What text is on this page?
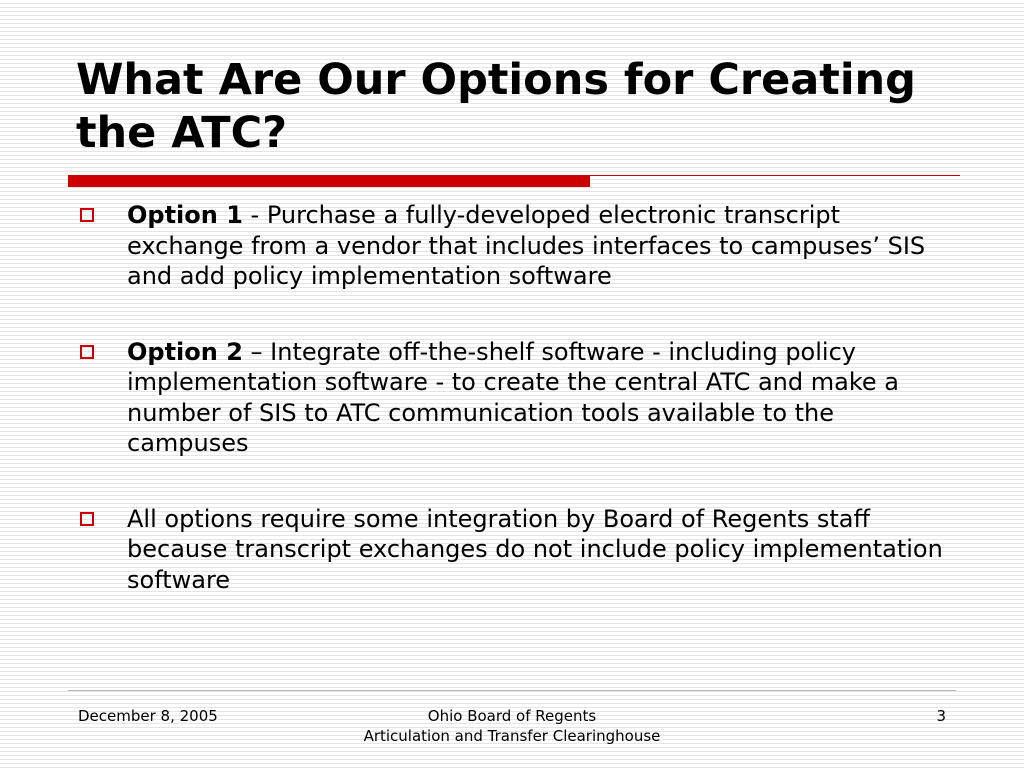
What Are Our Options for Creating the ATC?
Option 1 - Purchase a fully-developed electronic transcript exchange from a vendor that includes interfaces to campuses’ SIS and add policy implementation software
Option 2 – Integrate off-the-shelf software - including policy implementation software - to create the central ATC and make a number of SIS to ATC communication tools available to the campuses
All options require some integration by Board of Regents staff because transcript exchanges do not include policy implementation software
December 8, 2005	Ohio Board of Regents
Articulation and Transfer Clearinghouse
3
